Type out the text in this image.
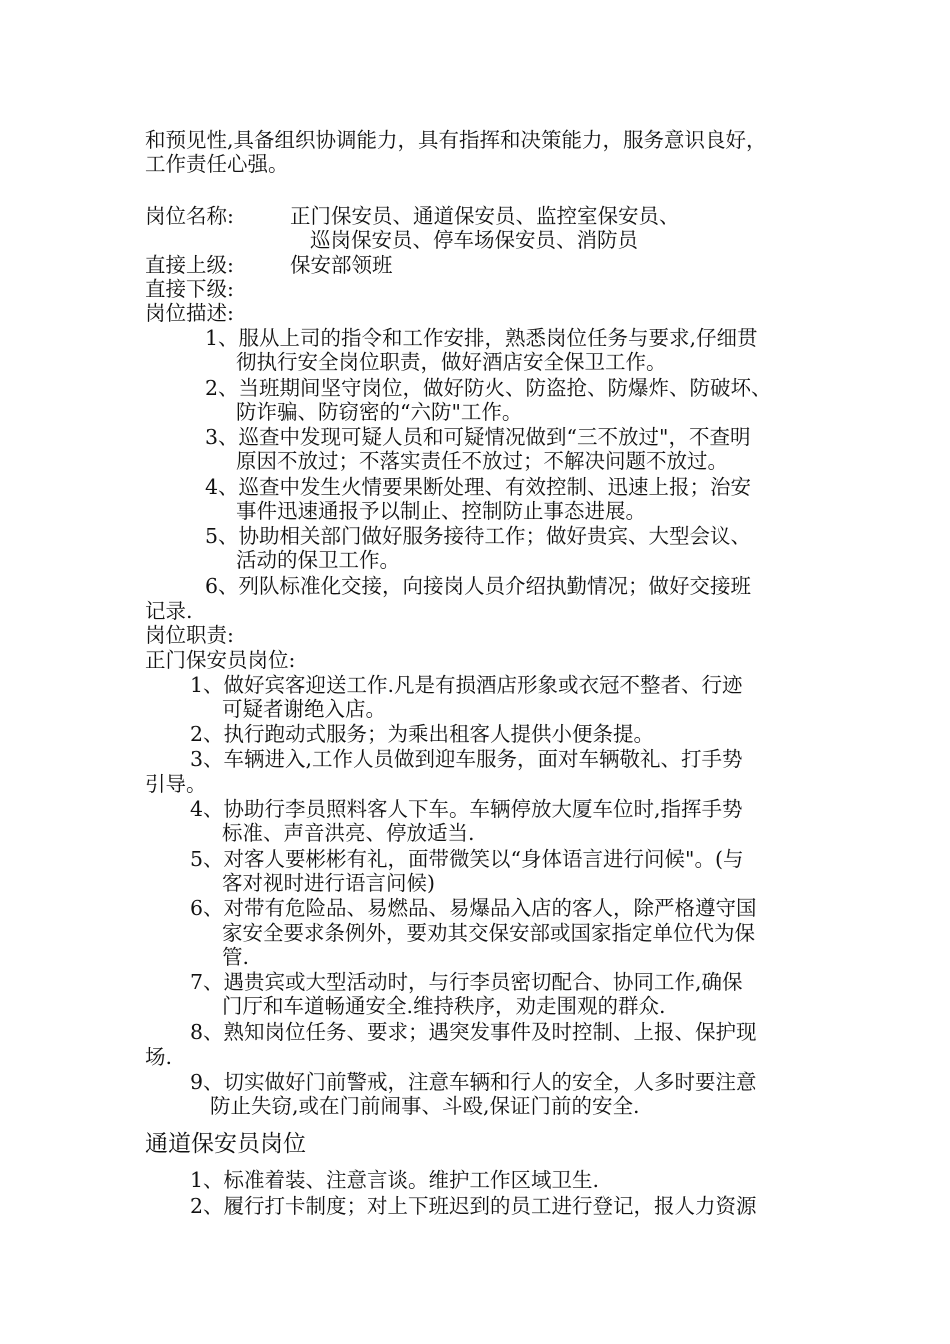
和预见性,具备组织协调能力，具有指挥和决策能力，服务意识良好，
工作责任心强。
岗位名称:	正门保安员、通道保安员、监控室保安员、
巡岗保安员、停车场保安员、消防员
直接上级:	保安部领班
直接下级:
岗位描述:
1、服从上司的指令和工作安排，熟悉岗位任务与要求,仔细贯
彻执行安全岗位职责，做好酒店安全保卫工作。
2、当班期间坚守岗位，做好防火、防盗抢、防爆炸、防破坏、
防诈骗、防窃密的“六防"工作。
3、巡查中发现可疑人员和可疑情况做到“三不放过"，不查明
原因不放过；不落实责任不放过；不解决问题不放过。
4、巡查中发生火情要果断处理、有效控制、迅速上报；治安
事件迅速通报予以制止、控制防止事态进展。
5、协助相关部门做好服务接待工作；做好贵宾、大型会议、
活动的保卫工作。
6、列队标准化交接，向接岗人员介绍执勤情况；做好交接班
记录.
岗位职责:
正门保安员岗位:
1、做好宾客迎送工作.凡是有损酒店形象或衣冠不整者、行迹
可疑者谢绝入店。
2、执行跑动式服务；为乘出租客人提供小便条提。
3、车辆进入,工作人员做到迎车服务，面对车辆敬礼、打手势
引导。
4、协助行李员照料客人下车。车辆停放大厦车位时,指挥手势
标准、声音洪亮、停放适当.
5、对客人要彬彬有礼，面带微笑以“身体语言进行问候"。(与
客对视时进行语言问候)
6、对带有危险品、易燃品、易爆品入店的客人，除严格遵守国
家安全要求条例外，要劝其交保安部或国家指定单位代为保
管.
7、遇贵宾或大型活动时，与行李员密切配合、协同工作,确保
门厅和车道畅通安全.维持秩序，劝走围观的群众.
8、熟知岗位任务、要求；遇突发事件及时控制、上报、保护现
场.
9、切实做好门前警戒，注意车辆和行人的安全，人多时要注意
防止失窃,或在门前闹事、斗殴,保证门前的安全.
通道保安员岗位
1、标准着装、注意言谈。维护工作区域卫生.
2、履行打卡制度；对上下班迟到的员工进行登记，报人力资源
